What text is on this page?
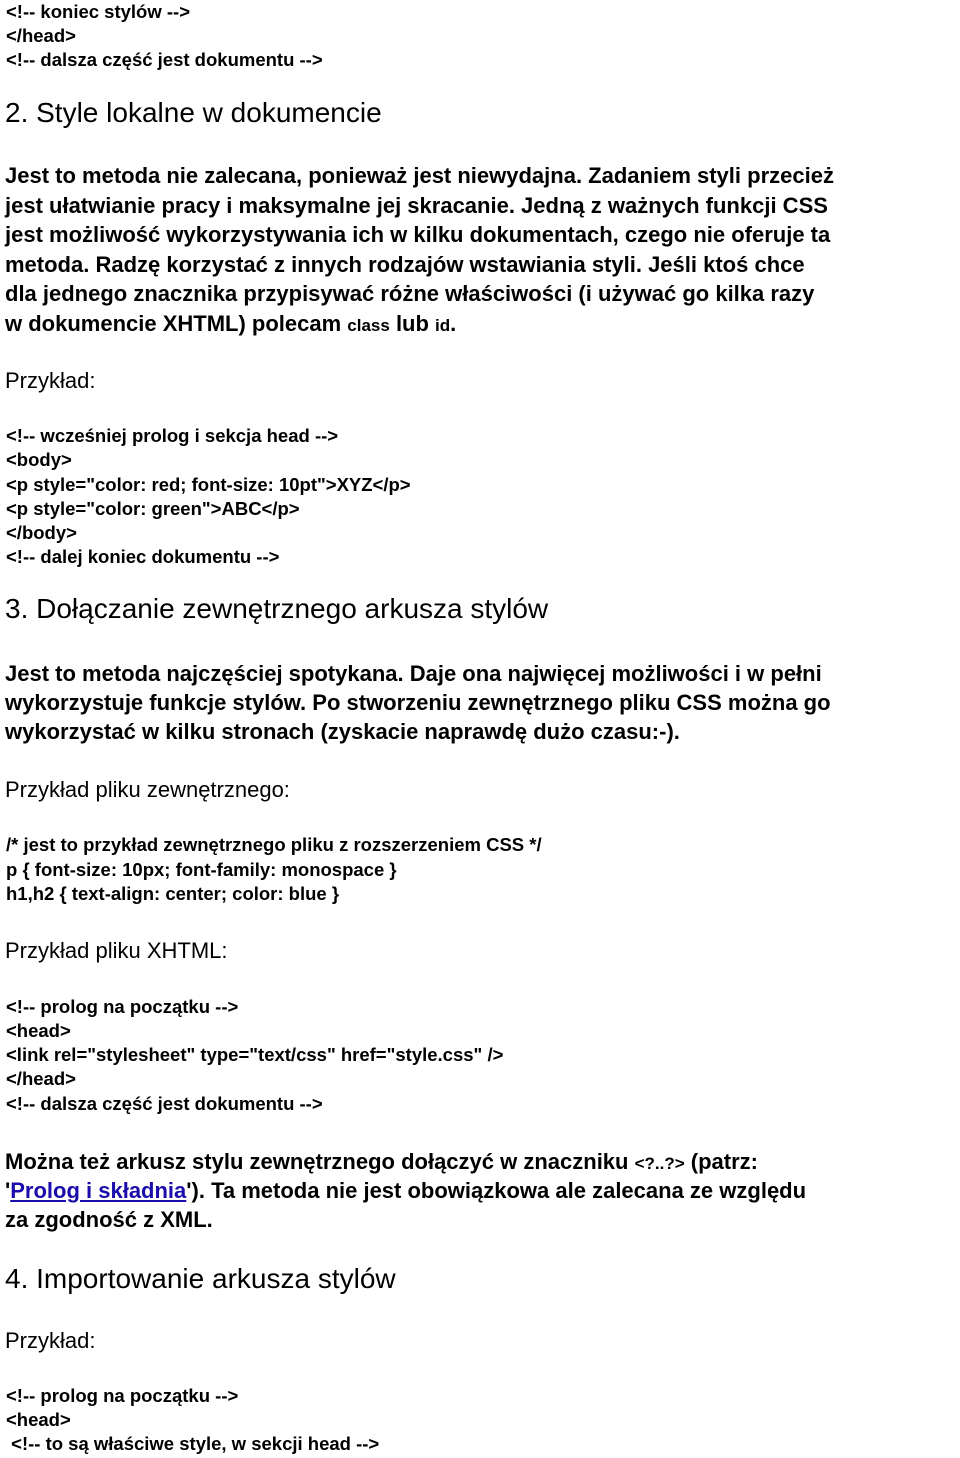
<!-- koniec stylów -->
</head>
<!-- dalsza część jest dokumentu -->
2. Style lokalne w dokumencie
Jest to metoda nie zalecana, ponieważ jest niewydajna. Zadaniem styli przecież
jest ułatwianie pracy i maksymalne jej skracanie. Jedną z ważnych funkcji CSS
jest możliwość wykorzystywania ich w kilku dokumentach, czego nie oferuje ta
metoda. Radzę korzystać z innych rodzajów wstawiania styli. Jeśli ktoś chce
dla jednego znacznika przypisywać różne właściwości (i używać go kilka razy
w dokumencie XHTML) polecam class lub id.
Przykład:
<!-- wcześniej prolog i sekcja head -->
<body>
<p style="color: red; font-size: 10pt">XYZ</p>
<p style="color: green">ABC</p>
</body>
<!-- dalej koniec dokumentu -->
3. Dołączanie zewnętrznego arkusza stylów
Jest to metoda najczęściej spotykana. Daje ona najwięcej możliwości i w pełni
wykorzystuje funkcje stylów. Po stworzeniu zewnętrznego pliku CSS można go
wykorzystać w kilku stronach (zyskacie naprawdę dużo czasu:-).
Przykład pliku zewnętrznego:
/* jest to przykład zewnętrznego pliku z rozszerzeniem CSS */
p { font-size: 10px; font-family: monospace }
h1,h2 { text-align: center; color: blue }
Przykład pliku XHTML:
<!-- prolog na początku -->
<head>
<link rel="stylesheet" type="text/css" href="style.css" />
</head>
<!-- dalsza część jest dokumentu -->
Można też arkusz stylu zewnętrznego dołączyć w znaczniku <?..?> (patrz:
'Prolog i składnia'). Ta metoda nie jest obowiązkowa ale zalecana ze względu
za zgodność z XML.
4. Importowanie arkusza stylów
Przykład:
<!-- prolog na początku -->
<head>
<!-- to są właściwe style, w sekcji head -->
